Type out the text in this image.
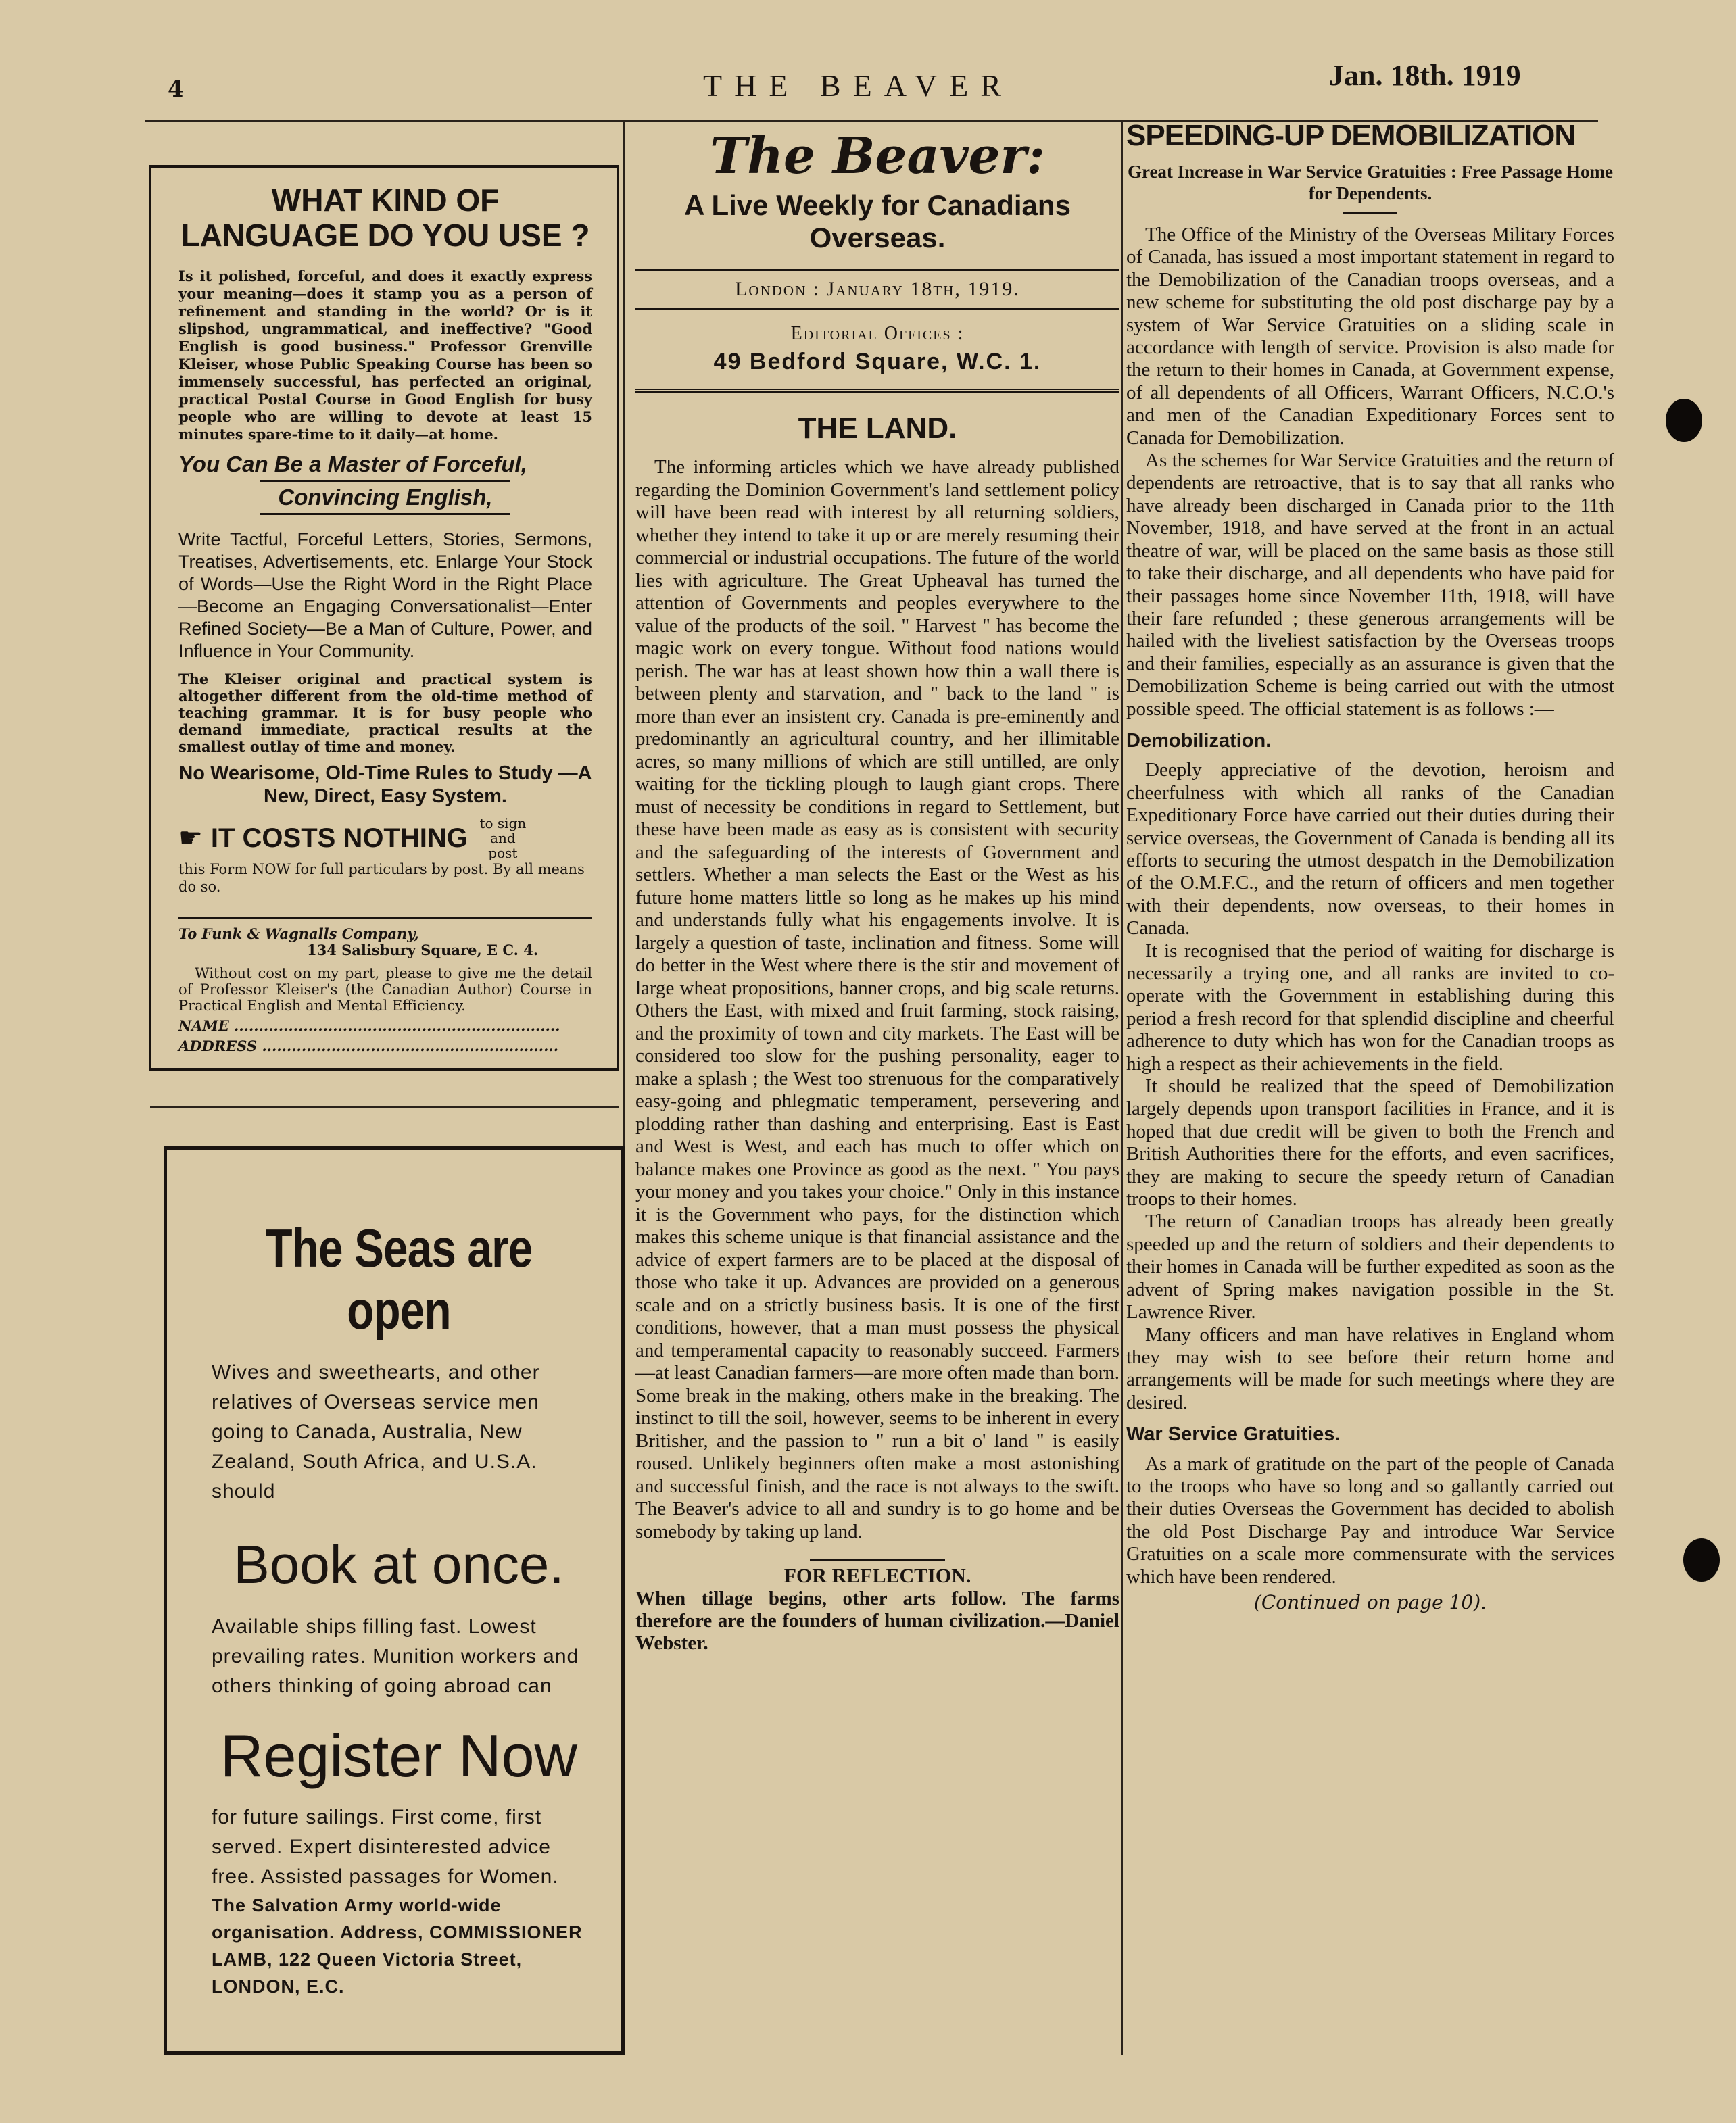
4	THE BEAVER	Jan. 18th. 1919
WHAT KIND OF LANGUAGE DO YOU USE ?
Is it polished, forceful, and does it exactly express your meaning—does it stamp you as a person of refinement and standing in the world? Or is it slipshod, ungrammatical, and ineffective? "Good English is good business." Professor Grenville Kleiser, whose Public Speaking Course has been so immensely successful, has perfected an original, practical Postal Course in Good English for busy people who are willing to devote at least 15 minutes spare-time to it daily—at home.
You Can Be a Master of Forceful,
Convincing English,
Write Tactful, Forceful Letters, Stories, Sermons, Treatises, Advertisements, etc. Enlarge Your Stock of Words—Use the Right Word in the Right Place—Become an Engaging Conversationalist—Enter Refined Society—Be a Man of Culture, Power, and Influence in Your Community.
The Kleiser original and practical system is altogether different from the old-time method of teaching grammar. It is for busy people who demand immediate, practical results at the smallest outlay of time and money.
No Wearisome, Old-Time Rules to Study —A New, Direct, Easy System.
☛ IT COSTS NOTHING to sign and post
this Form NOW for full particulars by post. By all means do so.
To Funk & Wagnalls Company,
134 Salisbury Square, E C. 4.
Without cost on my part, please to give me the detail of Professor Kleiser's (the Canadian Author) Course in Practical English and Mental Efficiency.
NAME ..................................................................
ADDRESS ............................................................
The Seas are open

Wives and sweethearts, and other relatives of Overseas service men going to Canada, Australia, New Zealand, South Africa, and U.S.A. should

Book at once.

Available ships filling fast. Lowest prevailing rates. Munition workers and others thinking of going abroad can

Register Now

for future sailings. First come, first served. Expert disinterested advice free. Assisted passages for Women.

The Salvation Army world-wide organisation. Address, COMMISSIONER LAMB, 122 Queen Victoria Street, LONDON, E.C.

The Beaver:
A Live Weekly for Canadians Overseas.
London : January 18th, 1919.
Editorial Offices :
49 Bedford Square, W.C. 1.
THE LAND.
The informing articles which we have already published regarding the Dominion Government's land settlement policy will have been read with interest by all returning soldiers, whether they intend to take it up or are merely resuming their commercial or industrial occupations. The future of the world lies with agriculture. The Great Upheaval has turned the attention of Governments and peoples everywhere to the value of the products of the soil. " Harvest " has become the magic work on every tongue. Without food nations would perish. The war has at least shown how thin a wall there is between plenty and starvation, and " back to the land " is more than ever an insistent cry. Canada is pre-eminently and predominantly an agricultural country, and her illimitable acres, so many millions of which are still untilled, are only waiting for the tickling plough to laugh giant crops. There must of necessity be conditions in regard to Settlement, but these have been made as easy as is consistent with security and the safeguarding of the interests of Government and settlers. Whether a man selects the East or the West as his future home matters little so long as he makes up his mind and understands fully what his engagements involve. It is largely a question of taste, inclination and fitness. Some will do better in the West where there is the stir and movement of large wheat propositions, banner crops, and big scale returns. Others the East, with mixed and fruit farming, stock raising, and the proximity of town and city markets. The East will be considered too slow for the pushing personality, eager to make a splash ; the West too strenuous for the comparatively easy-going and phlegmatic temperament, persevering and plodding rather than dashing and enterprising. East is East and West is West, and each has much to offer which on balance makes one Province as good as the next. " You pays your money and you takes your choice." Only in this instance it is the Government who pays, for the distinction which makes this scheme unique is that financial assistance and the advice of expert farmers are to be placed at the disposal of those who take it up. Advances are provided on a generous scale and on a strictly business basis. It is one of the first conditions, however, that a man must possess the physical and temperamental capacity to reasonably succeed. Farmers—at least Canadian farmers—are more often made than born. Some break in the making, others make in the breaking. The instinct to till the soil, however, seems to be inherent in every Britisher, and the passion to " run a bit o' land " is easily roused. Unlikely beginners often make a most astonishing and successful finish, and the race is not always to the swift. The Beaver's advice to all and sundry is to go home and be somebody by taking up land.
FOR REFLECTION.
When tillage begins, other arts follow. The farms therefore are the founders of human civilization.—Daniel Webster.
SPEEDING-UP DEMOBILIZATION
Great Increase in War Service Gratuities : Free Passage Home for Dependents.

The Office of the Ministry of the Overseas Military Forces of Canada, has issued a most important statement in regard to the Demobilization of the Canadian troops overseas, and a new scheme for substituting the old post discharge pay by a system of War Service Gratuities on a sliding scale in accordance with length of service. Provision is also made for the return to their homes in Canada, at Government expense, of all dependents of all Officers, Warrant Officers, N.C.O.'s and men of the Canadian Expeditionary Forces sent to Canada for Demobilization.

As the schemes for War Service Gratuities and the return of dependents are retroactive, that is to say that all ranks who have already been discharged in Canada prior to the 11th November, 1918, and have served at the front in an actual theatre of war, will be placed on the same basis as those still to take their discharge, and all dependents who have paid for their passages home since November 11th, 1918, will have their fare refunded ; these generous arrangements will be hailed with the liveliest satisfaction by the Overseas troops and their families, especially as an assurance is given that the Demobilization Scheme is being carried out with the utmost possible speed. The official statement is as follows :—

Demobilization.

Deeply appreciative of the devotion, heroism and cheerfulness with which all ranks of the Canadian Expeditionary Force have carried out their duties during their service overseas, the Government of Canada is bending all its efforts to securing the utmost despatch in the Demobilization of the O.M.F.C., and the return of officers and men together with their dependents, now overseas, to their homes in Canada.

It is recognised that the period of waiting for discharge is necessarily a trying one, and all ranks are invited to co-operate with the Government in establishing during this period a fresh record for that splendid discipline and cheerful adherence to duty which has won for the Canadian troops as high a respect as their achievements in the field.

It should be realized that the speed of Demobilization largely depends upon transport facilities in France, and it is hoped that due credit will be given to both the French and British Authorities there for the efforts, and even sacrifices, they are making to secure the speedy return of Canadian troops to their homes.

The return of Canadian troops has already been greatly speeded up and the return of soldiers and their dependents to their homes in Canada will be further expedited as soon as the advent of Spring makes navigation possible in the St. Lawrence River.

Many officers and man have relatives in England whom they may wish to see before their return home and arrangements will be made for such meetings where they are desired.

War Service Gratuities.

As a mark of gratitude on the part of the people of Canada to the troops who have so long and so gallantly carried out their duties Overseas the Government has decided to abolish the old Post Discharge Pay and introduce War Service Gratuities on a scale more commensurate with the services which have been rendered.

(Continued on page 10).
